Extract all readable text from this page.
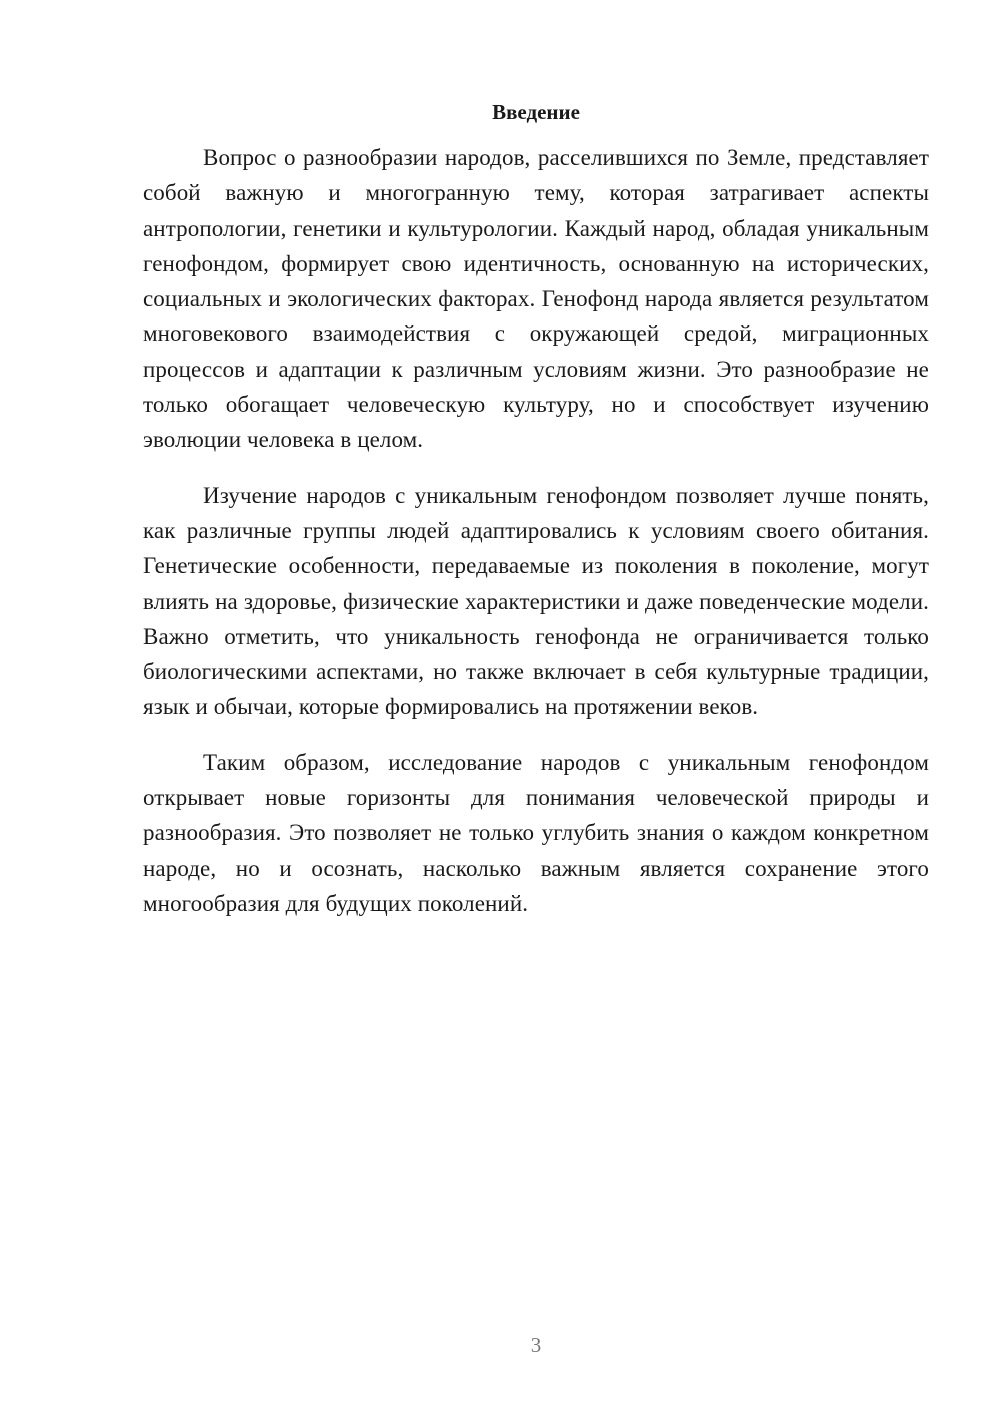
Введение

Вопрос о разнообразии народов, расселившихся по Земле, представляет собой важную и многогранную тему, которая затрагивает аспекты антропологии, генетики и культурологии. Каждый народ, обладая уникальным генофондом, формирует свою идентичность, основанную на исторических, социальных и экологических факторах. Генофонд народа является результатом многовекового взаимодействия с окружающей средой, миграционных процессов и адаптации к различным условиям жизни. Это разнообразие не только обогащает человеческую культуру, но и способствует изучению эволюции человека в целом.

Изучение народов с уникальным генофондом позволяет лучше понять, как различные группы людей адаптировались к условиям своего обитания. Генетические особенности, передаваемые из поколения в поколение, могут влиять на здоровье, физические характеристики и даже поведенческие модели. Важно отметить, что уникальность генофонда не ограничивается только биологическими аспектами, но также включает в себя культурные традиции, язык и обычаи, которые формировались на протяжении веков.

Таким образом, исследование народов с уникальным генофондом открывает новые горизонты для понимания человеческой природы и разнообразия. Это позволяет не только углубить знания о каждом конкретном народе, но и осознать, насколько важным является сохранение этого многообразия для будущих поколений.

3
